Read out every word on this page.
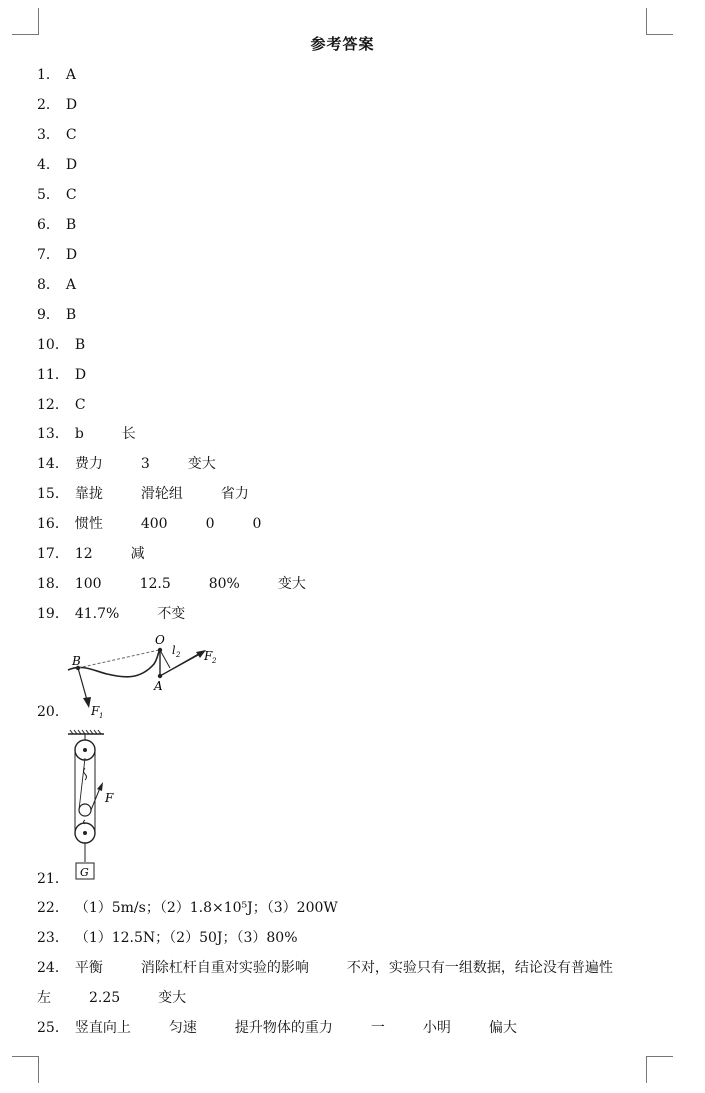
参考答案
1． A
2． D
3． C
4． D
5． C
6． B
7． D
8． A
9． B
10． B
11． D
12． C
13． b	长
14． 费力	3	变大
15． 靠拢	滑轮组	省力
16． 惯性	400	0	0
17． 12	减
18． 100	12.5	80%	变大
19． 41.7%	不变
20．
21．
22． （1）5m/s；（2）1.8×10⁵J；（3）200W
23． （1）12.5N；（2）50J；（3）80%
24． 平衡	消除杠杆自重对实验的影响	不对，实验只有一组数据，结论没有普遍性
左	2.25	变大
25． 竖直向上	匀速	提升物体的重力	一	小明	偏大
B
O
A
l 2 F 2
F 1
F
G
